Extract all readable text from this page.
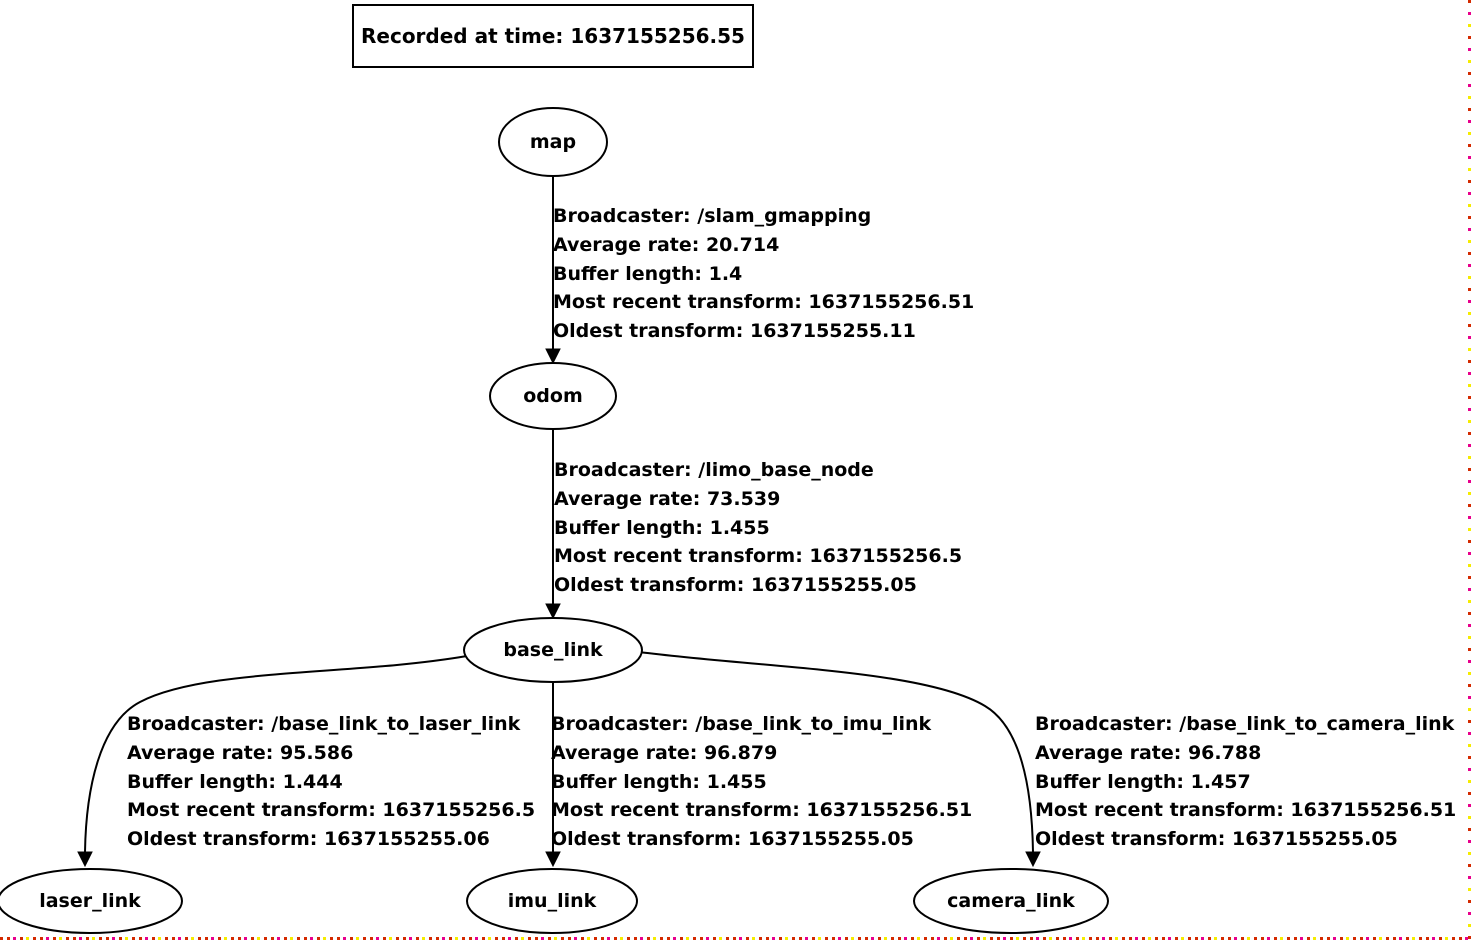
Recorded at time: 1637155256.55
map
odom
base_link
laser_link	imu_link	camera_link
Broadcaster: /slam_gmapping
Average rate: 20.714
Buffer length: 1.4
Most recent transform: 1637155256.51
Oldest transform: 1637155255.11
Broadcaster: /limo_base_node
Average rate: 73.539
Buffer length: 1.455
Most recent transform: 1637155256.5
Oldest transform: 1637155255.05
Broadcaster: /base_link_to_laser_link
Average rate: 95.586
Buffer length: 1.444
Most recent transform: 1637155256.5
Oldest transform: 1637155255.06
Broadcaster: /base_link_to_imu_link
Average rate: 96.879
Buffer length: 1.455
Most recent transform: 1637155256.51
Oldest transform: 1637155255.05
Broadcaster: /base_link_to_camera_link
Average rate: 96.788
Buffer length: 1.457
Most recent transform: 1637155256.51
Oldest transform: 1637155255.05
